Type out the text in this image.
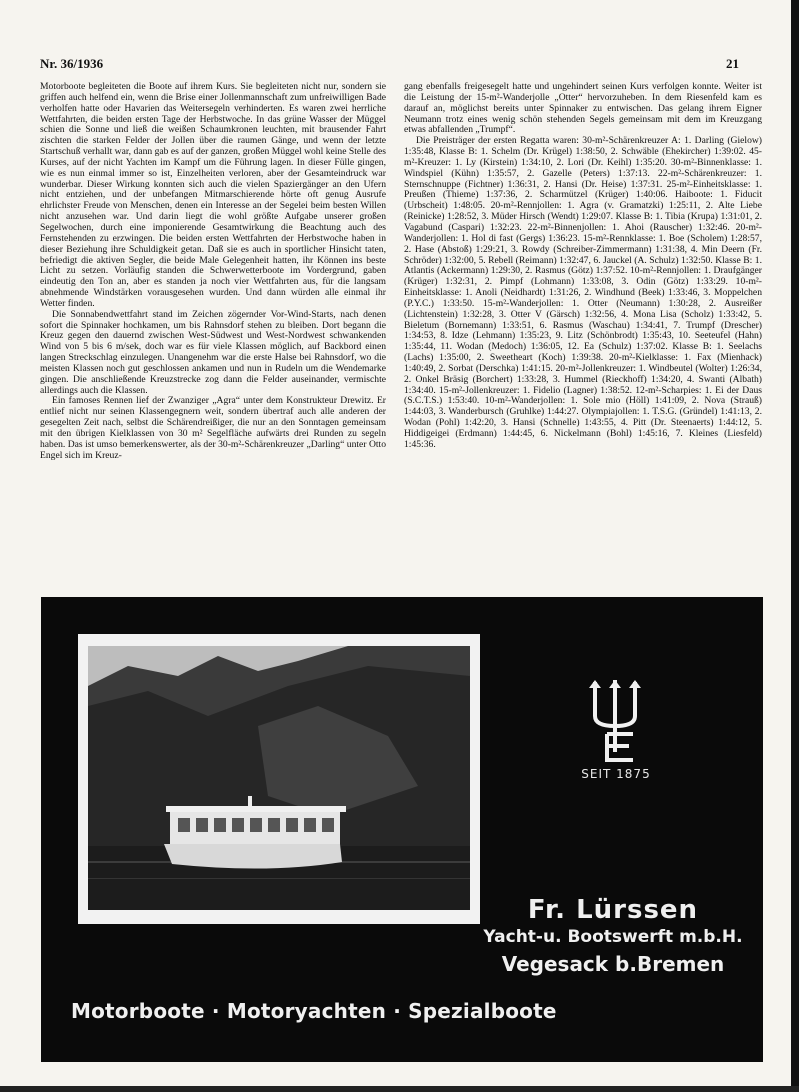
Nr. 36/1936	21

Motorboote begleiteten die Boote auf ihrem Kurs. Sie begleiteten nicht nur, sondern sie griffen auch helfend ein, wenn die Brise einer Jollenmannschaft zum unfreiwilligen Bade verholfen hatte oder Havarien das Weitersegeln verhinderten. Es waren zwei herrliche Wettfahrten, die beiden ersten Tage der Herbstwoche. In das grüne Wasser der Müggel schien die Sonne und ließ die weißen Schaumkronen leuchten, mit brausender Fahrt zischten die starken Felder der Jollen über die raumen Gänge, und wenn der letzte Startschuß verhallt war, dann gab es auf der ganzen, großen Müggel wohl keine Stelle des Kurses, auf der nicht Yachten im Kampf um die Führung lagen. In dieser Fülle gingen, wie es nun einmal immer so ist, Einzelheiten verloren, aber der Gesamteindruck war wunderbar. Dieser Wirkung konnten sich auch die vielen Spaziergänger an den Ufern nicht entziehen, und der unbefangen Mitmarschierende hörte oft genug Ausrufe ehrlichster Freude von Menschen, denen ein Interesse an der Segelei beim besten Willen nicht anzusehen war. Und darin liegt die wohl größte Aufgabe unserer großen Segelwochen, durch eine imponierende Gesamtwirkung die Beachtung auch des Fernstehenden zu erzwingen. Die beiden ersten Wettfahrten der Herbstwoche haben in dieser Beziehung ihre Schuldigkeit getan. Daß sie es auch in sportlicher Hinsicht taten, befriedigt die aktiven Segler, die beide Male Gelegenheit hatten, ihr Können ins beste Licht zu setzen. Vorläufig standen die Schwerwetterboote im Vordergrund, gaben eindeutig den Ton an, aber es standen ja noch vier Wettfahrten aus, für die langsam abnehmende Windstärken vorausgesehen wurden. Und dann würden alle einmal ihr Wetter finden.

Die Sonnabendwettfahrt stand im Zeichen zögernder Vor-Wind-Starts, nach denen sofort die Spinnaker hochkamen, um bis Rahnsdorf stehen zu bleiben. Dort begann die Kreuz gegen den dauernd zwischen West-Südwest und West-Nordwest schwankenden Wind von 5 bis 6 m/sek, doch war es für viele Klassen möglich, auf Backbord einen langen Streckschlag einzulegen. Unangenehm war die erste Halse bei Rahnsdorf, wo die meisten Klassen noch gut geschlossen ankamen und nun in Rudeln um die Wendemarke gingen. Die anschließende Kreuzstrecke zog dann die Felder auseinander, vermischte allerdings auch die Klassen.

Ein famoses Rennen lief der Zwanziger „Agra“ unter dem Konstrukteur Drewitz. Er entlief nicht nur seinen Klassengegnern weit, sondern übertraf auch alle anderen der gesegelten Zeit nach, selbst die Schärendreißiger, die nur an den Sonntagen gemeinsam mit den übrigen Kielklassen von 30 m² Segelfläche aufwärts drei Runden zu segeln haben. Das ist umso bemerkenswerter, als der 30-m²-Schärenkreuzer „Darling“ unter Otto Engel sich im Kreuz-

gang ebenfalls freigesegelt hatte und ungehindert seinen Kurs verfolgen konnte. Weiter ist die Leistung der 15-m²-Wanderjolle „Otter“ hervorzuheben. In dem Riesenfeld kam es darauf an, möglichst bereits unter Spinnaker zu entwischen. Das gelang ihrem Eigner Neumann trotz eines wenig schön stehenden Segels gemeinsam mit dem im Kreuzgang etwas abfallenden „Trumpf“.

Die Preisträger der ersten Regatta waren: 30-m²-Schärenkreuzer A: 1. Darling (Gielow) 1:35:48, Klasse B: 1. Schelm (Dr. Krügel) 1:38:50, 2. Schwäble (Ehekircher) 1:39:02. 45-m²-Kreuzer: 1. Ly (Kirstein) 1:34:10, 2. Lori (Dr. Keihl) 1:35:20. 30-m²-Binnenklasse: 1. Windspiel (Kühn) 1:35:57, 2. Gazelle (Peters) 1:37:13. 22-m²-Schärenkreuzer: 1. Sternschnuppe (Fichtner) 1:36:31, 2. Hansi (Dr. Heise) 1:37:31. 25-m²-Einheitsklasse: 1. Preußen (Thieme) 1:37:36, 2. Scharmützel (Krüger) 1:40:06. Haiboote: 1. Fiducit (Urbscheit) 1:48:05. 20-m²-Rennjollen: 1. Agra (v. Gramatzki) 1:25:11, 2. Alte Liebe (Reinicke) 1:28:52, 3. Müder Hirsch (Wendt) 1:29:07. Klasse B: 1. Tibia (Krupa) 1:31:01, 2. Vagabund (Caspari) 1:32:23. 22-m²-Binnenjollen: 1. Ahoi (Rauscher) 1:32:46. 20-m²-Wanderjollen: 1. Hol di fast (Gergs) 1:36:23. 15-m²-Rennklasse: 1. Boe (Scholem) 1:28:57, 2. Hase (Abstoß) 1:29:21, 3. Rowdy (Schreiber-Zimmermann) 1:31:38, 4. Min Deern (Fr. Schröder) 1:32:00, 5. Rebell (Reimann) 1:32:47, 6. Jauckel (A. Schulz) 1:32:50. Klasse B: 1. Atlantis (Ackermann) 1:29:30, 2. Rasmus (Götz) 1:37:52. 10-m²-Rennjollen: 1. Draufgänger (Krüger) 1:32:31, 2. Pimpf (Lohmann) 1:33:08, 3. Odin (Götz) 1:33:29. 10-m²-Einheitsklasse: 1. Anoli (Neidhardt) 1:31:26, 2. Windhund (Beek) 1:33:46, 3. Moppelchen (P.Y.C.) 1:33:50. 15-m²-Wanderjollen: 1. Otter (Neumann) 1:30:28, 2. Ausreißer (Lichtenstein) 1:32:28, 3. Otter V (Gärsch) 1:32:56, 4. Mona Lisa (Scholz) 1:33:42, 5. Bieletum (Bornemann) 1:33:51, 6. Rasmus (Waschau) 1:34:41, 7. Trumpf (Drescher) 1:34:53, 8. Idze (Lehmann) 1:35:23, 9. Litz (Schönbrodt) 1:35:43, 10. Seeteufel (Hahn) 1:35:44, 11. Wodan (Medoch) 1:36:05, 12. Ea (Schulz) 1:37:02. Klasse B: 1. Seelachs (Lachs) 1:35:00, 2. Sweetheart (Koch) 1:39:38. 20-m²-Kielklasse: 1. Fax (Mienhack) 1:40:49, 2. Sorbat (Derschka) 1:41:15. 20-m²-Jollenkreuzer: 1. Windbeutel (Wolter) 1:26:34, 2. Onkel Bräsig (Borchert) 1:33:28, 3. Hummel (Rieckhoff) 1:34:20, 4. Swanti (Albath) 1:34:40. 15-m²-Jollenkreuzer: 1. Fidelio (Lagner) 1:38:52. 12-m²-Scharpies: 1. Ei der Daus (S.C.T.S.) 1:53:40. 10-m²-Wanderjollen: 1. Sole mio (Höll) 1:41:09, 2. Nova (Strauß) 1:44:03, 3. Wanderbursch (Gruhlke) 1:44:27. Olympiajollen: 1. T.S.G. (Gründel) 1:41:13, 2. Wodan (Pohl) 1:42:20, 3. Hansi (Schnelle) 1:43:55, 4. Pitt (Dr. Steenaerts) 1:44:12, 5. Hiddigeigei (Erdmann) 1:44:45, 6. Nickelmann (Bohl) 1:45:16, 7. Kleines (Liesfeld) 1:45:36.

SEIT 1875
Fr. Lürssen
Yacht-u. Bootswerft m.b.H.
Vegesack b.Bremen
Motorboote · Motoryachten · Spezialboote
